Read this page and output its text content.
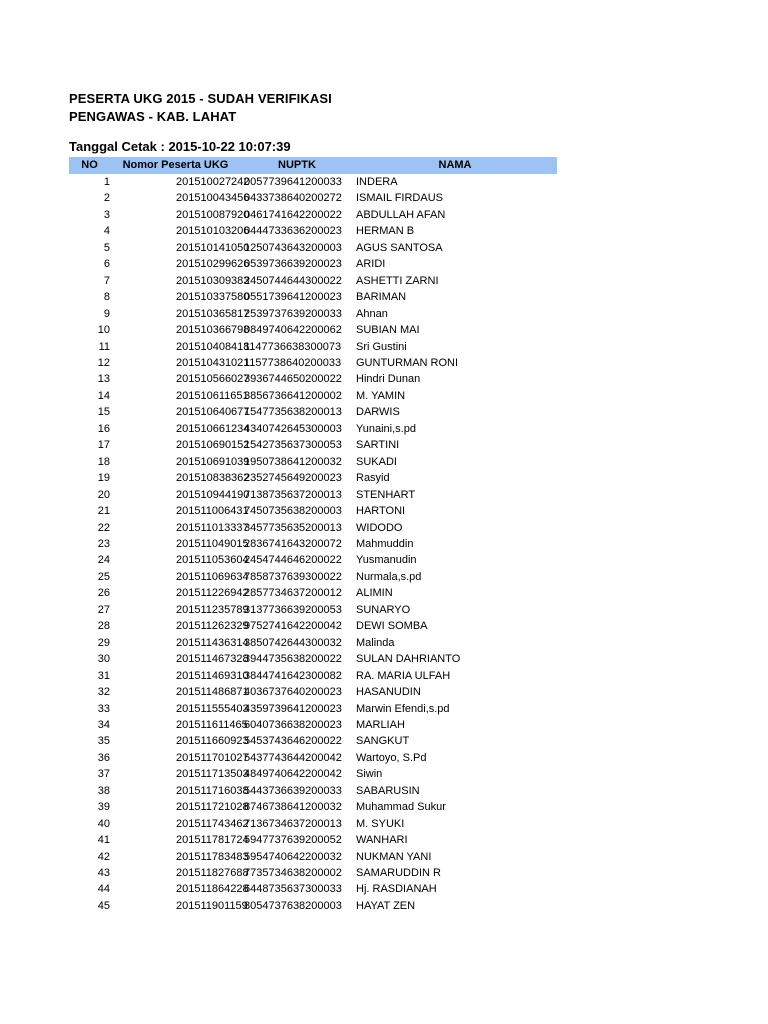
PESERTA UKG 2015 - SUDAH VERIFIKASI
PENGAWAS - KAB. LAHAT
Tanggal Cetak : 2015-10-22 10:07:39
NO	Nomor Peserta UKG	NUPTK	NAMA
1	201510027242	0057739641200033	INDERA
2	201510043456	0433738640200272	ISMAIL FIRDAUS
3	201510087920	0461741642200022	ABDULLAH AFAN
4	201510103206	0444733636200023	HERMAN B
5	201510141050	1250743643200003	AGUS SANTOSA
6	201510299626	0539736639200023	ARIDI
7	201510309383	2450744644300022	ASHETTI ZARNI
8	201510337580	0551739641200023	BARIMAN
9	201510365817	2539737639200033	Ahnan
10	201510366798	0849740642200062	SUBIAN MAI
11	201510408418	1147736638300073	Sri Gustini
12	201510431021	1157738640200033	GUNTURMAN RONI
13	201510566027	3936744650200022	Hindri Dunan
14	201510611651	3856736641200002	M. YAMIN
15	201510640677	1547735638200013	DARWIS
16	201510661234	4340742645300003	Yunaini,s.pd
17	201510690152	1542735637300053	SARTINI
18	201510691039	1950738641200032	SUKADI
19	201510838362	2352745649200023	Rasyid
20	201510944190	7138735637200013	STENHART
21	201511006431	7450735638200003	HARTONI
22	201511013337	3457735635200013	WIDODO
23	201511049015	2836741643200072	Mahmuddin
24	201511053604	2454744646200022	Yusmanudin
25	201511069634	7858737639300022	Nurmala,s.pd
26	201511226942	2857734637200012	ALIMIN
27	201511235789	3137736639200053	SUNARYO
28	201511262329	9752741642200042	DEWI SOMBA
29	201511436314	3850742644300032	Malinda
30	201511467328	3944735638200022	SULAN DAHRIANTO
31	201511469310	3844741642300082	RA. MARIA ULFAH
32	201511486871	4036737640200023	HASANUDIN
33	201511555403	4359739641200023	Marwin Efendi,s.pd
34	201511611465	6040736638200023	MARLIAH
35	201511660923	5453743646200022	SANGKUT
36	201511701027	5437743644200042	Wartoyo, S.Pd
37	201511713503	4849740642200042	Siwin
38	201511716038	5443736639200033	SABARUSIN
39	201511721028	8746738641200032	Muhammad Sukur
40	201511743462	7136734637200013	M. SYUKI
41	201511781724	5947737639200052	WANHARI
42	201511783483	5954740642200032	NUKMAN YANI
43	201511827688	7735734638200002	SAMARUDDIN R
44	201511864228	6448735637300033	Hj. RASDIANAH
45	201511901159	8054737638200003	HAYAT ZEN
